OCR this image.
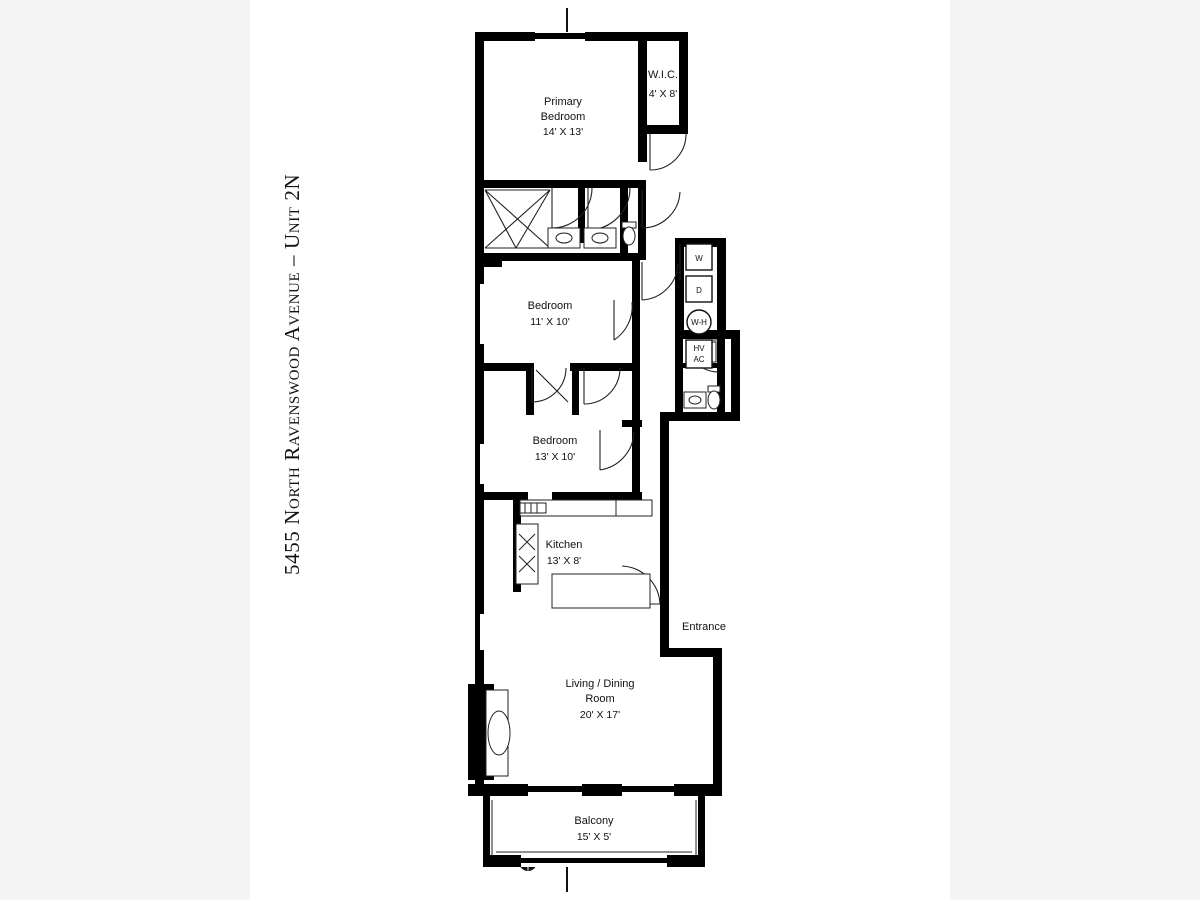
5455 North Ravenswood Avenue – Unit 2N	W
D
W-H
HV
AC
Primary
Bedroom
14' X 13'
W.I.C.
4' X 8'
Bedroom
11' X 10'
Bedroom
13' X 10'
Kitchen
13' X 8'
Living / Dining
Room
20' X 17'
Balcony
15' X 5'
Entrance
